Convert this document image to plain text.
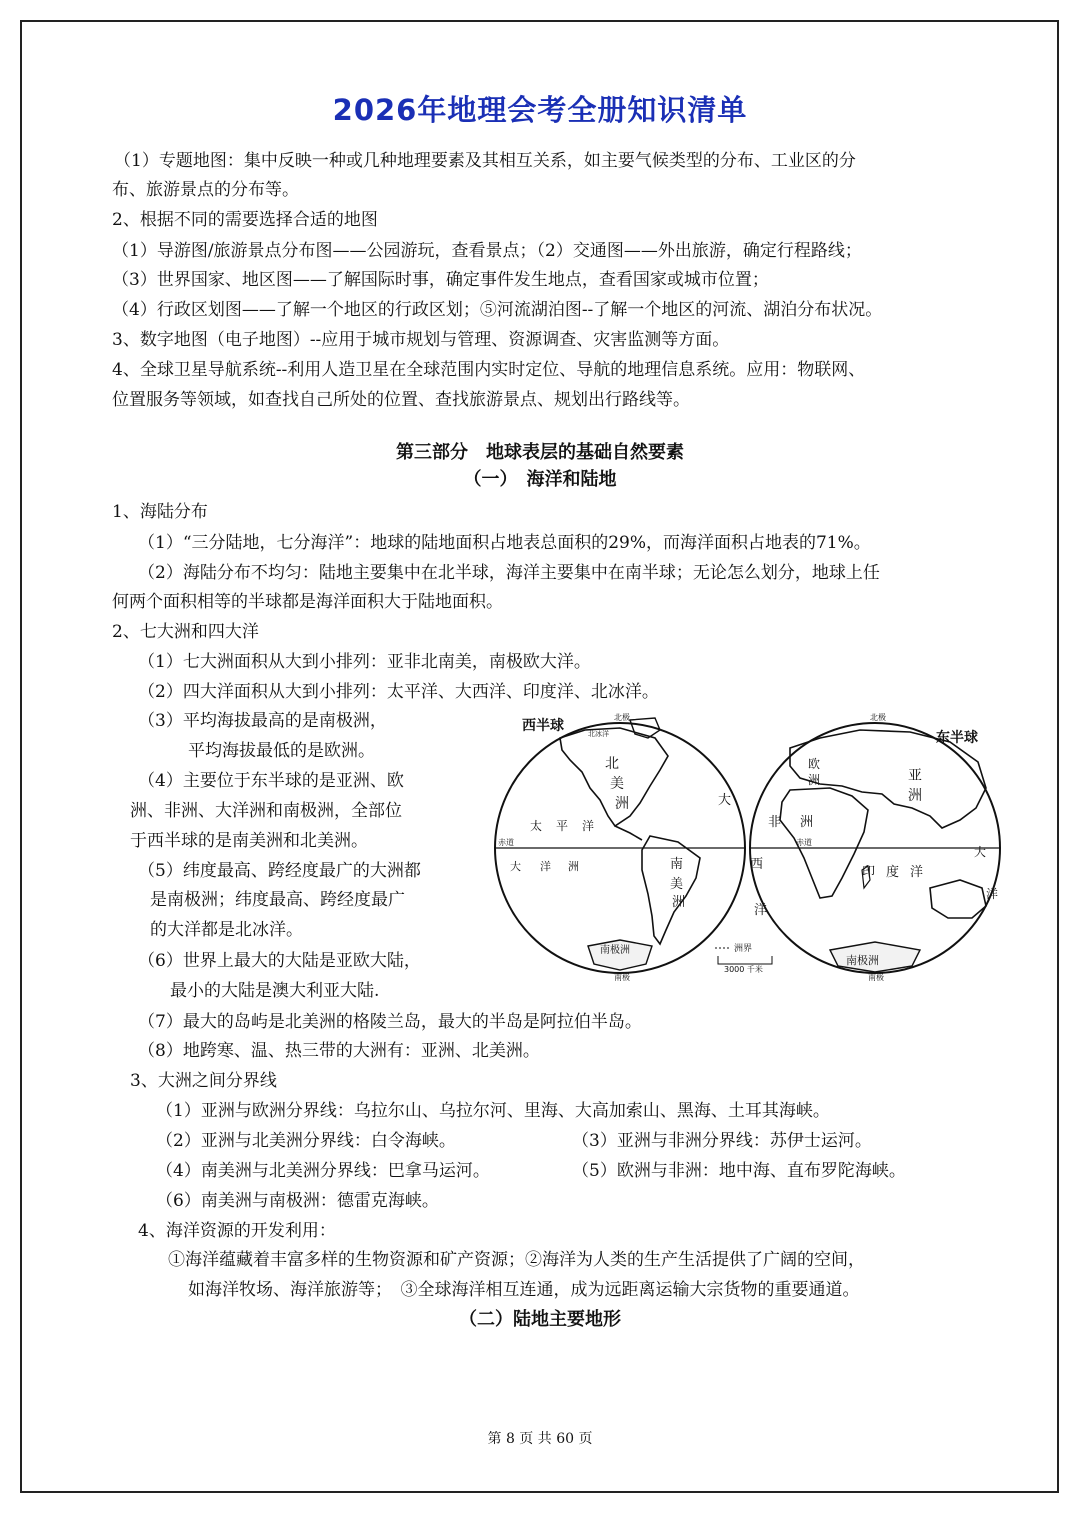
2026年地理会考全册知识清单
（1）专题地图：集中反映一种或几种地理要素及其相互关系，如主要气候类型的分布、工业区的分
布、旅游景点的分布等。
2、根据不同的需要选择合适的地图
（1）导游图/旅游景点分布图——公园游玩，查看景点；（2）交通图——外出旅游，确定行程路线；
（3）世界国家、地区图——了解国际时事，确定事件发生地点，查看国家或城市位置；
（4）行政区划图——了解一个地区的行政区划；⑤河流湖泊图--了解一个地区的河流、湖泊分布状况。
3、数字地图（电子地图）--应用于城市规划与管理、资源调查、灾害监测等方面。
4、全球卫星导航系统--利用人造卫星在全球范围内实时定位、导航的地理信息系统。应用：物联网、
位置服务等领域，如查找自己所处的位置、查找旅游景点、规划出行路线等。
第三部分　地球表层的基础自然要素
（一）　海洋和陆地
1、海陆分布
（1）“三分陆地，七分海洋”：地球的陆地面积占地表总面积的29%，而海洋面积占地表的71%。
（2）海陆分布不均匀：陆地主要集中在北半球，海洋主要集中在南半球；无论怎么划分，地球上任
何两个面积相等的半球都是海洋面积大于陆地面积。
2、七大洲和四大洋
（1）七大洲面积从大到小排列：亚非北南美，南极欧大洋。
（2）四大洋面积从大到小排列：太平洋、大西洋、印度洋、北冰洋。
（3）平均海拔最高的是南极洲，
平均海拔最低的是欧洲。
（4）主要位于东半球的是亚洲、欧
洲、非洲、大洋洲和南极洲，全部位
于西半球的是南美洲和北美洲。
（5）纬度最高、跨经度最广的大洲都
是南极洲；纬度最高、跨经度最广
的大洋都是北冰洋。
（6）世界上最大的大陆是亚欧大陆，
最小的大陆是澳大利亚大陆.
（7）最大的岛屿是北美洲的格陵兰岛，最大的半岛是阿拉伯半岛。
（8）地跨寒、温、热三带的大洲有：亚洲、北美洲。
3、大洲之间分界线
（1）亚洲与欧洲分界线：乌拉尔山、乌拉尔河、里海、大高加索山、黑海、土耳其海峡。
（2）亚洲与北美洲分界线：白令海峡。	（3）亚洲与非洲分界线：苏伊士运河。
（4）南美洲与北美洲分界线：巴拿马运河。	（5）欧洲与非洲：地中海、直布罗陀海峡。
（6）南美洲与南极洲：德雷克海峡。
4、海洋资源的开发利用：
①海洋蕴藏着丰富多样的生物资源和矿产资源；②海洋为人类的生产生活提供了广阔的空间，
如海洋牧场、海洋旅游等；　③全球海洋相互连通，成为远距离运输大宗货物的重要通道。
（二）陆地主要地形
西半球
北极
北冰洋
南极
赤道
北
美
洲
南
美
洲
太 平 洋
大 洋 洲
大
南极洲
东半球
北极
南极
赤道
亚
洲
欧
洲
非 洲
西
洋
印 度 洋
大
洋
南极洲
洲界
3000 千米
第 8 页 共 60 页
